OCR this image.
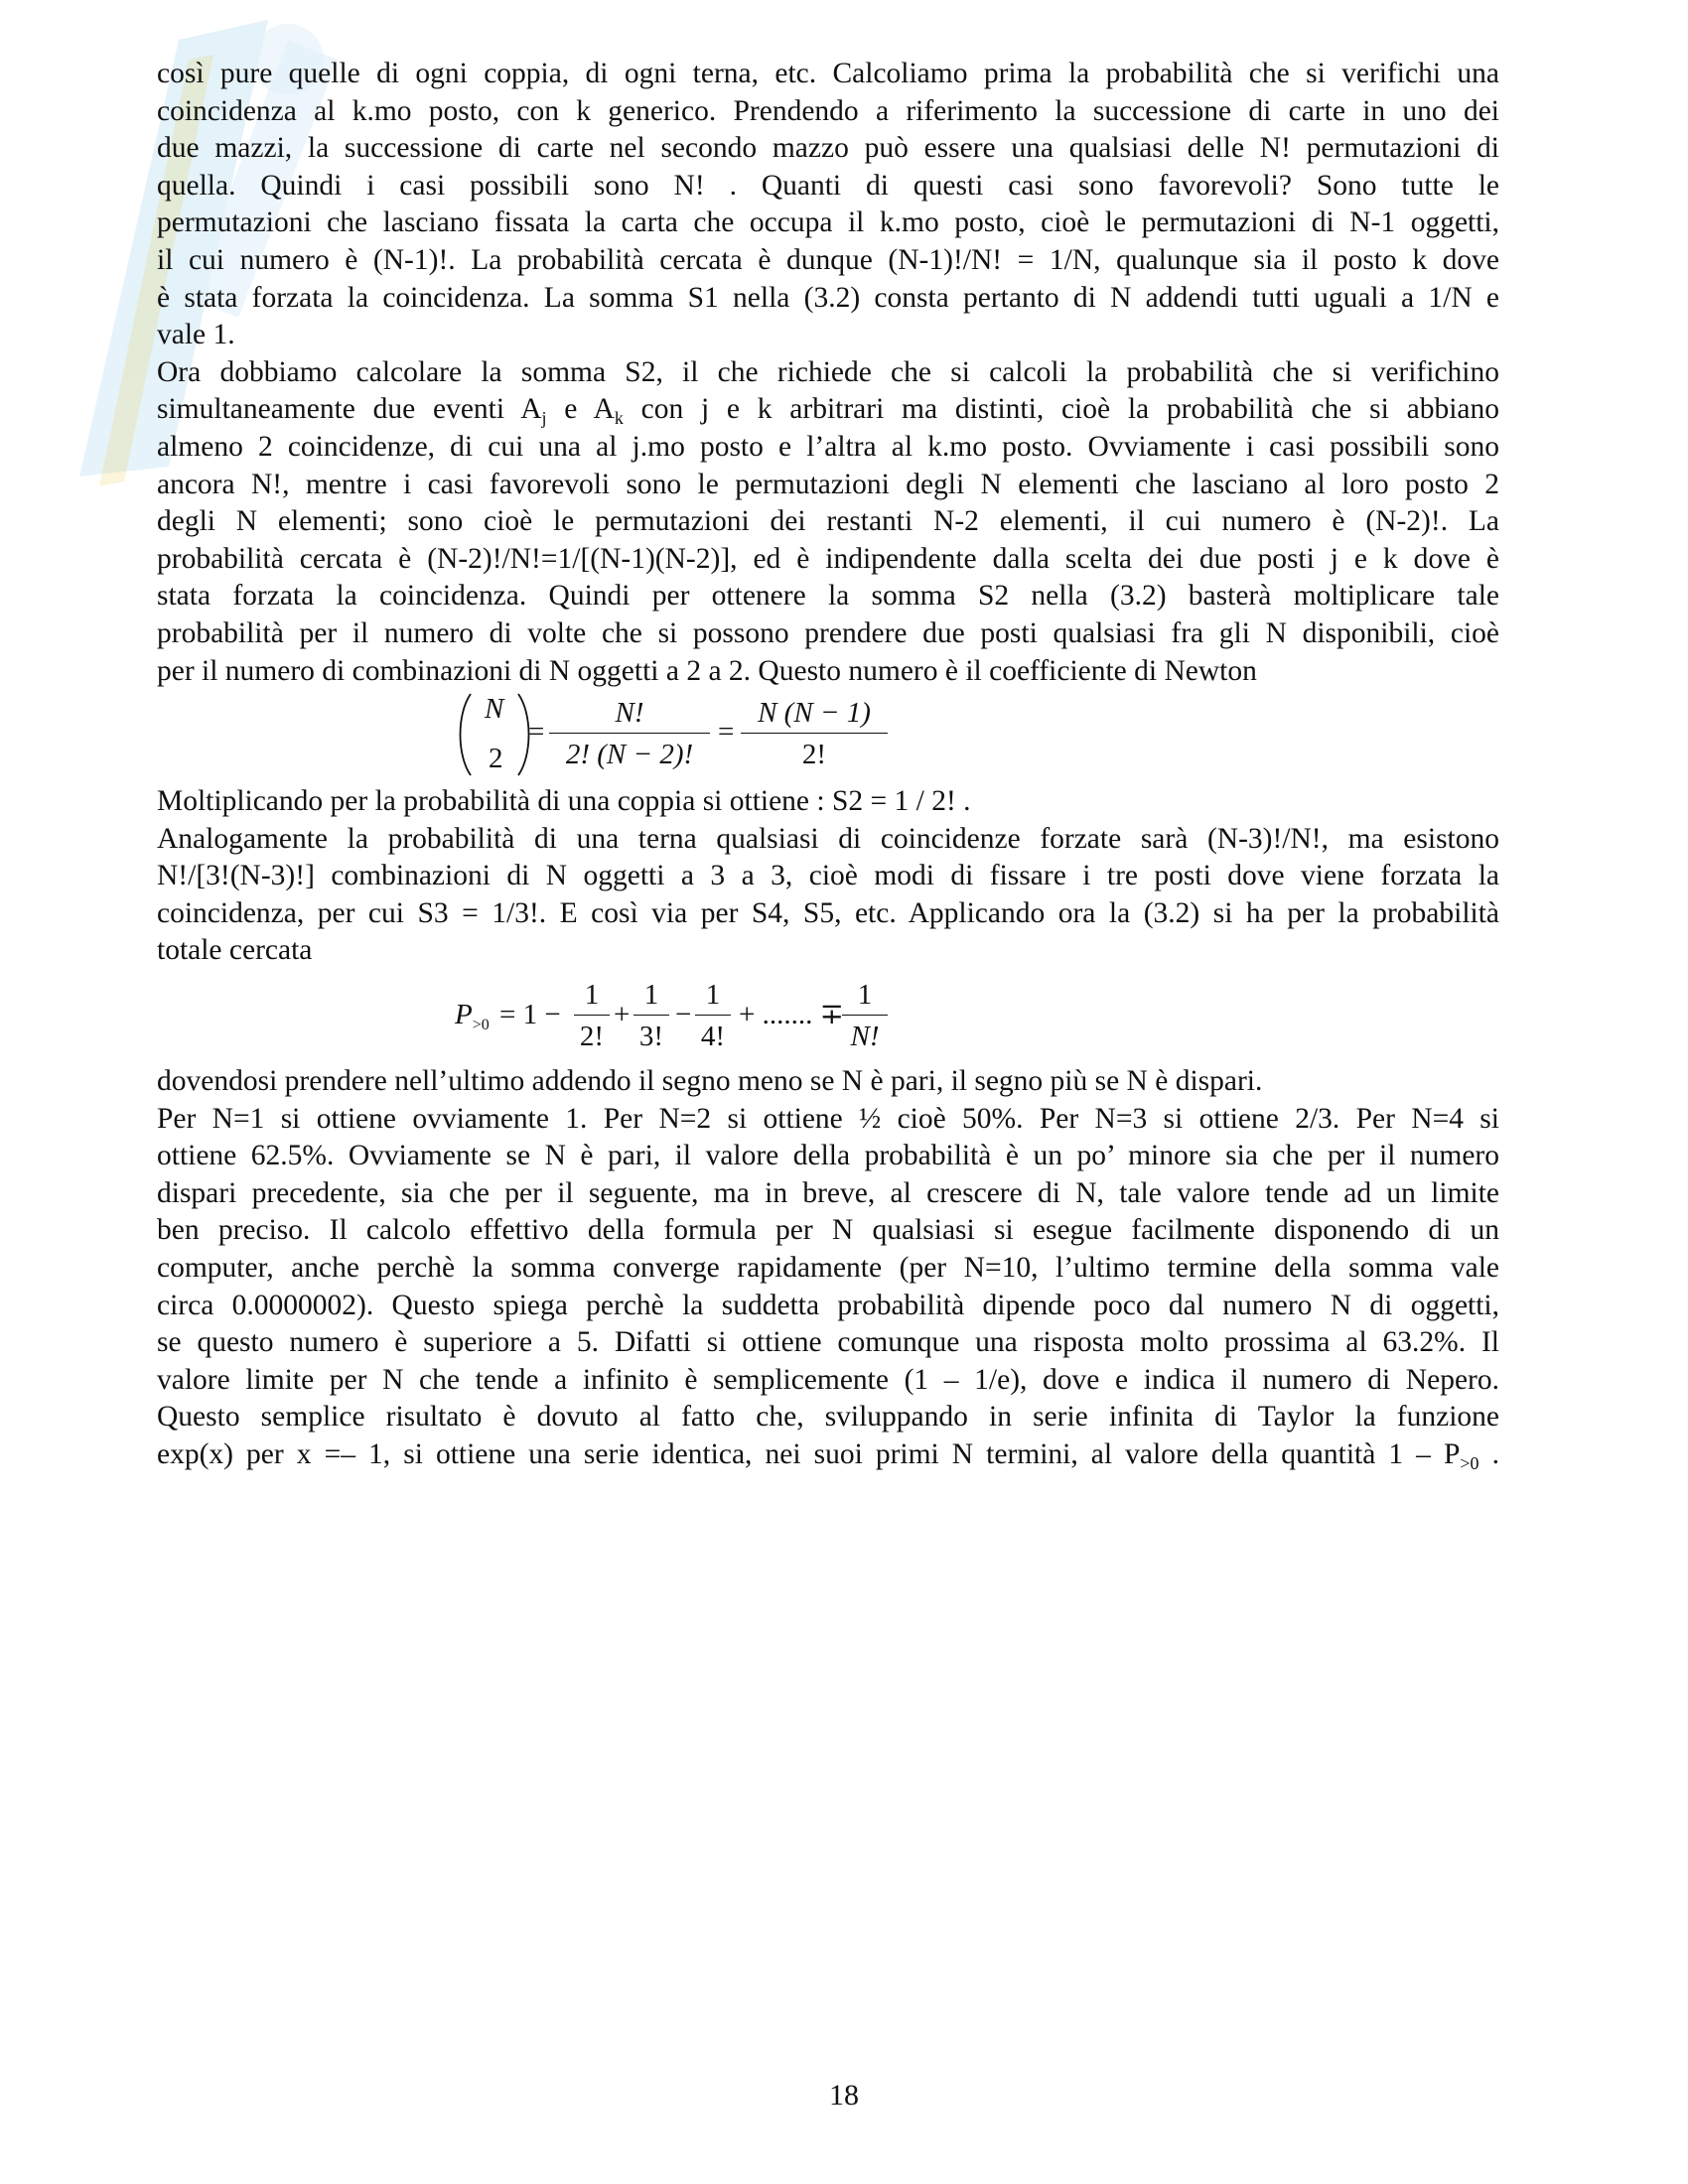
così pure quelle di ogni coppia, di ogni terna, etc. Calcoliamo prima la probabilità che si verifichi una
coincidenza al k.mo posto, con k generico. Prendendo a riferimento la successione di carte in uno dei
due mazzi, la successione di carte nel secondo mazzo può essere una qualsiasi delle N! permutazioni di
quella. Quindi i casi possibili sono N! . Quanti di questi casi sono favorevoli? Sono tutte le
permutazioni che lasciano fissata la carta che occupa il k.mo posto, cioè le permutazioni di N-1 oggetti,
il cui numero è (N-1)!. La probabilità cercata è dunque (N-1)!/N! = 1/N, qualunque sia il posto k dove
è stata forzata la coincidenza. La somma S1 nella (3.2) consta pertanto di N addendi tutti uguali a 1/N e
vale 1.
Ora dobbiamo calcolare la somma S2, il che richiede che si calcoli la probabilità che si verifichino
simultaneamente due eventi $A_j$ e $A_k$ con j e k arbitrari ma distinti, cioè la probabilità che si abbiano
almeno 2 coincidenze, di cui una al j.mo posto e l’altra al k.mo posto. Ovviamente i casi possibili sono
ancora N!, mentre i casi favorevoli sono le permutazioni degli N elementi che lasciano al loro posto 2
degli N elementi; sono cioè le permutazioni dei restanti N-2 elementi, il cui numero è (N-2)!. La
probabilità cercata è (N-2)!/N!=1/[(N-1)(N-2)], ed è indipendente dalla scelta dei due posti j e k dove è
stata forzata la coincidenza. Quindi per ottenere la somma S2 nella (3.2) basterà moltiplicare tale
probabilità per il numero di volte che si possono prendere due posti qualsiasi fra gli N disponibili, cioè
per il numero di combinazioni di N oggetti a 2 a 2. Questo numero è il coefficiente di Newton
N
2
=
N!
2! (N − 2)!
=
N (N − 1)
2!
Moltiplicando per la probabilità di una coppia si ottiene : S2 = 1 / 2! .
Analogamente la probabilità di una terna qualsiasi di coincidenze forzate sarà (N-3)!/N!, ma esistono
N!/[3!(N-3)!] combinazioni di N oggetti a 3 a 3, cioè modi di fissare i tre posti dove viene forzata la
coincidenza, per cui S3 = 1/3!. E così via per S4, S5, etc. Applicando ora la (3.2) si ha per la probabilità
totale cercata
$P_{>0} = 1$ −
1
2!
+
1
3!
−
1
4!
+ ....... ∓
1
N!
dovendosi prendere nell’ultimo addendo il segno meno se N è pari, il segno più se N è dispari.
Per N=1 si ottiene ovviamente 1. Per N=2 si ottiene ½ cioè 50%. Per N=3 si ottiene 2/3. Per N=4 si
ottiene 62.5%. Ovviamente se N è pari, il valore della probabilità è un po’ minore sia che per il numero
dispari precedente, sia che per il seguente, ma in breve, al crescere di N, tale valore tende ad un limite
ben preciso. Il calcolo effettivo della formula per N qualsiasi si esegue facilmente disponendo di un
computer, anche perchè la somma converge rapidamente (per N=10, l’ultimo termine della somma vale
circa 0.0000002). Questo spiega perchè la suddetta probabilità dipende poco dal numero N di oggetti,
se questo numero è superiore a 5. Difatti si ottiene comunque una risposta molto prossima al 63.2%. Il
valore limite per N che tende a infinito è semplicemente (1 – 1/e), dove e indica il numero di Nepero.
Questo semplice risultato è dovuto al fatto che, sviluppando in serie infinita di Taylor la funzione
exp(x) per x =– 1, si ottiene una serie identica, nei suoi primi N termini, al valore della quantità $1 - P_{>0}$ .
18
